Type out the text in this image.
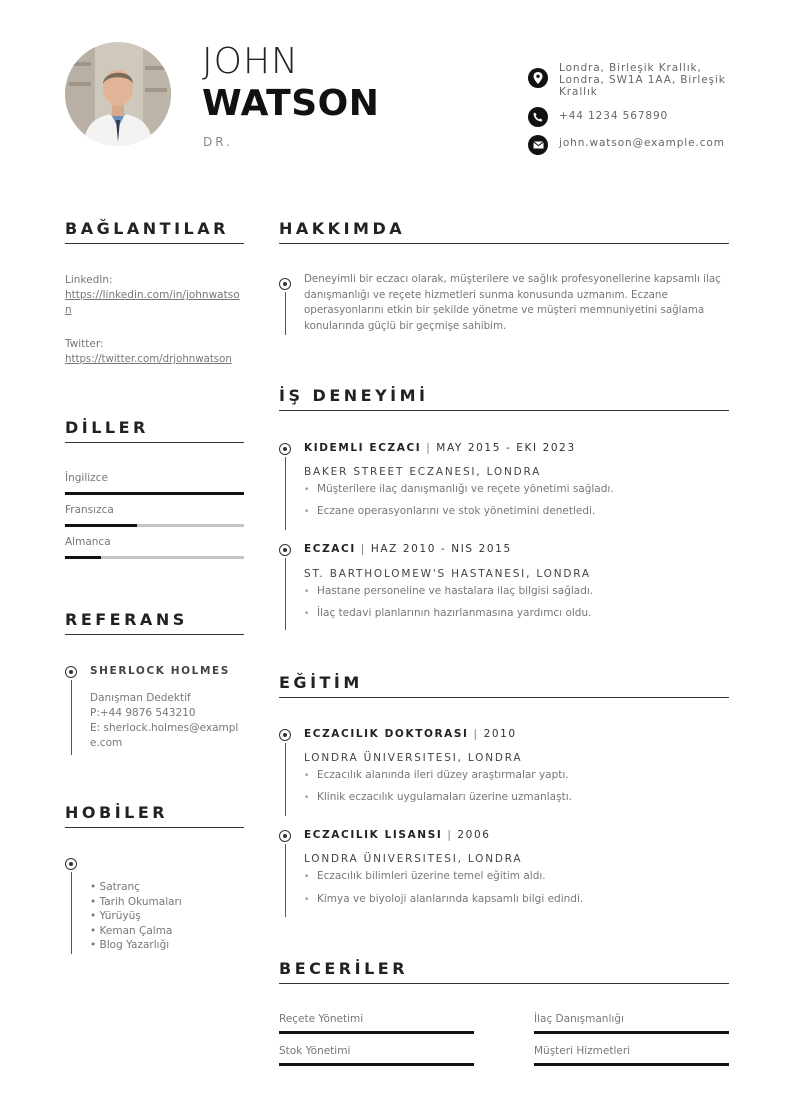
JOHN
WATSON
DR.
Londra, Birleşik Krallık, Londra, SW1A 1AA, Birleşik Krallık
+44 1234 567890
john.watson@example.com
BAĞLANTILAR
LinkedIn:
https://linkedin.com/in/johnwatson
Twitter:
https://twitter.com/drjohnwatson
DİLLER
İngilizce
Fransızca
Almanca
REFERANS
SHERLOCK HOLMES
Danışman Dedektif
P:+44 9876 543210
E: sherlock.holmes@example.com
HOBİLER
• Satranç
• Tarih Okumaları
• Yürüyüş
• Keman Çalma
• Blog Yazarlığı
HAKKIMDA
Deneyimli bir eczacı olarak, müşterilere ve sağlık profesyonellerine kapsamlı ilaç danışmanlığı ve reçete hizmetleri sunma konusunda uzmanım. Eczane operasyonlarını etkin bir şekilde yönetme ve müşteri memnuniyetini sağlama konularında güçlü bir geçmişe sahibim.
İŞ DENEYİMİ
KIDEMLI ECZACI | MAY 2015 - EKI 2023
BAKER STREET ECZANESI, LONDRA
• Müşterilere ilaç danışmanlığı ve reçete yönetimi sağladı.
• Eczane operasyonlarını ve stok yönetimini denetledi.
ECZACI | HAZ 2010 - NIS 2015
ST. BARTHOLOMEW'S HASTANESI, LONDRA
• Hastane personeline ve hastalara ilaç bilgisi sağladı.
• İlaç tedavi planlarının hazırlanmasına yardımcı oldu.
EĞİTİM
ECZACILIK DOKTORASI | 2010
LONDRA ÜNIVERSITESI, LONDRA
• Eczacılık alanında ileri düzey araştırmalar yaptı.
• Klinik eczacılık uygulamaları üzerine uzmanlaştı.
ECZACILIK LISANSI | 2006
LONDRA ÜNIVERSITESI, LONDRA
• Eczacılık bilimleri üzerine temel eğitim aldı.
• Kimya ve biyoloji alanlarında kapsamlı bilgi edindi.
BECERİLER
Reçete Yönetimi	İlaç Danışmanlığı
Stok Yönetimi	Müşteri Hizmetleri
